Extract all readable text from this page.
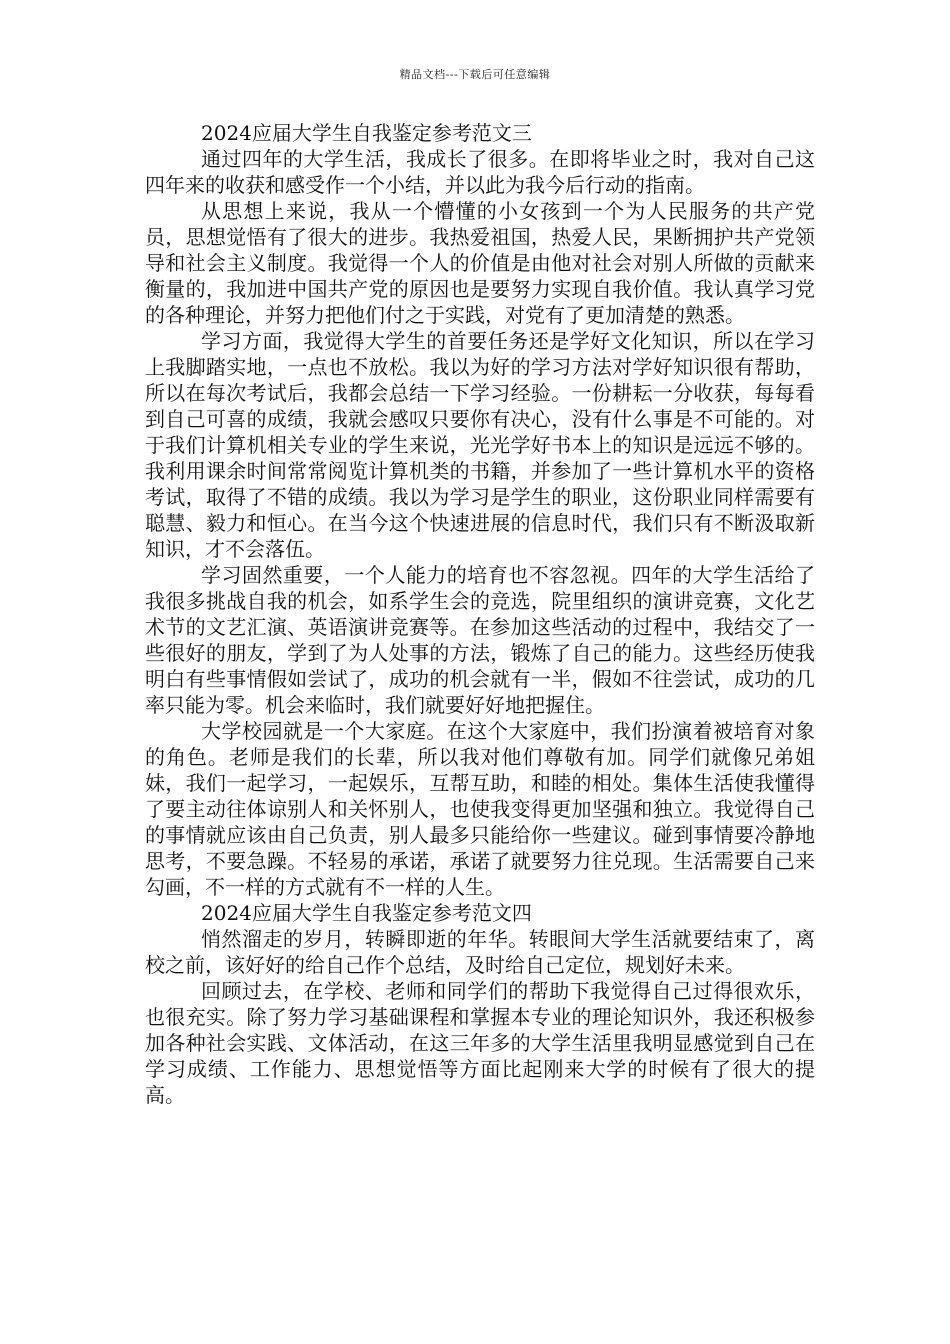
精品文档---下载后可任意编辑
2024应届大学生自我鉴定参考范文三

通过四年的大学生活，我成长了很多。在即将毕业之时，我对自己这四年来的收获和感受作一个小结，并以此为我今后行动的指南。

从思想上来说，我从一个懵懂的小女孩到一个为人民服务的共产党员，思想觉悟有了很大的进步。我热爱祖国，热爱人民，果断拥护共产党领导和社会主义制度。我觉得一个人的价值是由他对社会对别人所做的贡献来衡量的，我加进中国共产党的原因也是要努力实现自我价值。我认真学习党的各种理论，并努力把他们付之于实践，对党有了更加清楚的熟悉。

学习方面，我觉得大学生的首要任务还是学好文化知识，所以在学习上我脚踏实地，一点也不放松。我以为好的学习方法对学好知识很有帮助，所以在每次考试后，我都会总结一下学习经验。一份耕耘一分收获，每每看到自己可喜的成绩，我就会感叹只要你有决心，没有什么事是不可能的。对于我们计算机相关专业的学生来说，光光学好书本上的知识是远远不够的。我利用课余时间常常阅览计算机类的书籍，并参加了一些计算机水平的资格考试，取得了不错的成绩。我以为学习是学生的职业，这份职业同样需要有聪慧、毅力和恒心。在当今这个快速进展的信息时代，我们只有不断汲取新知识，才不会落伍。

学习固然重要，一个人能力的培育也不容忽视。四年的大学生活给了我很多挑战自我的机会，如系学生会的竞选，院里组织的演讲竞赛，文化艺术节的文艺汇演、英语演讲竞赛等。在参加这些活动的过程中，我结交了一些很好的朋友，学到了为人处事的方法，锻炼了自己的能力。这些经历使我明白有些事情假如尝试了，成功的机会就有一半，假如不往尝试，成功的几率只能为零。机会来临时，我们就要好好地把握住。

大学校园就是一个大家庭。在这个大家庭中，我们扮演着被培育对象的角色。老师是我们的长辈，所以我对他们尊敬有加。同学们就像兄弟姐妹，我们一起学习，一起娱乐，互帮互助，和睦的相处。集体生活使我懂得了要主动往体谅别人和关怀别人，也使我变得更加坚强和独立。我觉得自己的事情就应该由自己负责，别人最多只能给你一些建议。碰到事情要冷静地思考，不要急躁。不轻易的承诺，承诺了就要努力往兑现。生活需要自己来勾画，不一样的方式就有不一样的人生。

2024应届大学生自我鉴定参考范文四

悄然溜走的岁月，转瞬即逝的年华。转眼间大学生活就要结束了，离校之前，该好好的给自己作个总结，及时给自己定位，规划好未来。

回顾过去，在学校、老师和同学们的帮助下我觉得自己过得很欢乐，也很充实。除了努力学习基础课程和掌握本专业的理论知识外，我还积极参加各种社会实践、文体活动，在这三年多的大学生活里我明显感觉到自己在学习成绩、工作能力、思想觉悟等方面比起刚来大学的时候有了很大的提高。
